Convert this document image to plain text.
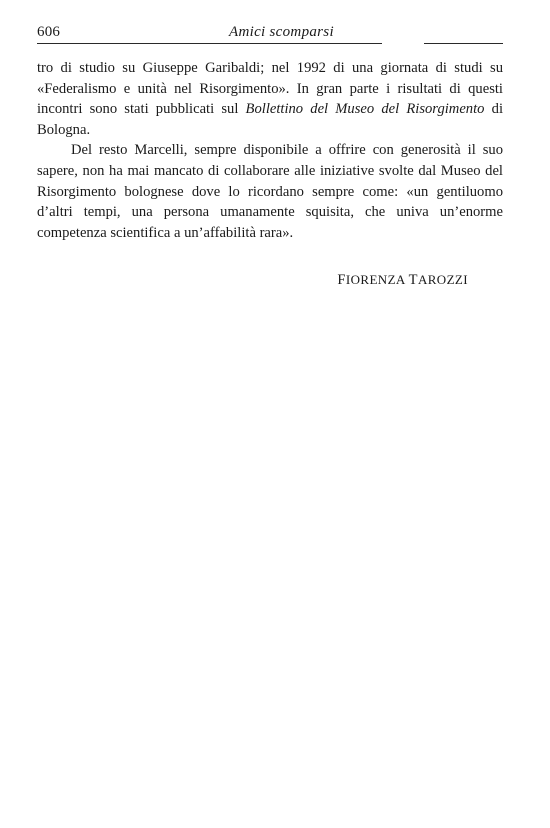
606	Amici scomparsi

tro di studio su Giuseppe Garibaldi; nel 1992 di una giornata di studi su «Federalismo e unità nel Risorgimento». In gran parte i risultati di questi incontri sono stati pubblicati sul Bollettino del Museo del Risorgimento di Bologna.

Del resto Marcelli, sempre disponibile a offrire con generosità il suo sapere, non ha mai mancato di collaborare alle iniziative svolte dal Museo del Risorgimento bolognese dove lo ricordano sempre come: «un gentiluomo d’altri tempi, una persona umanamente squisita, che univa un’enorme competenza scientifica a un’affabilità rara».

FIORENZA TAROZZI
